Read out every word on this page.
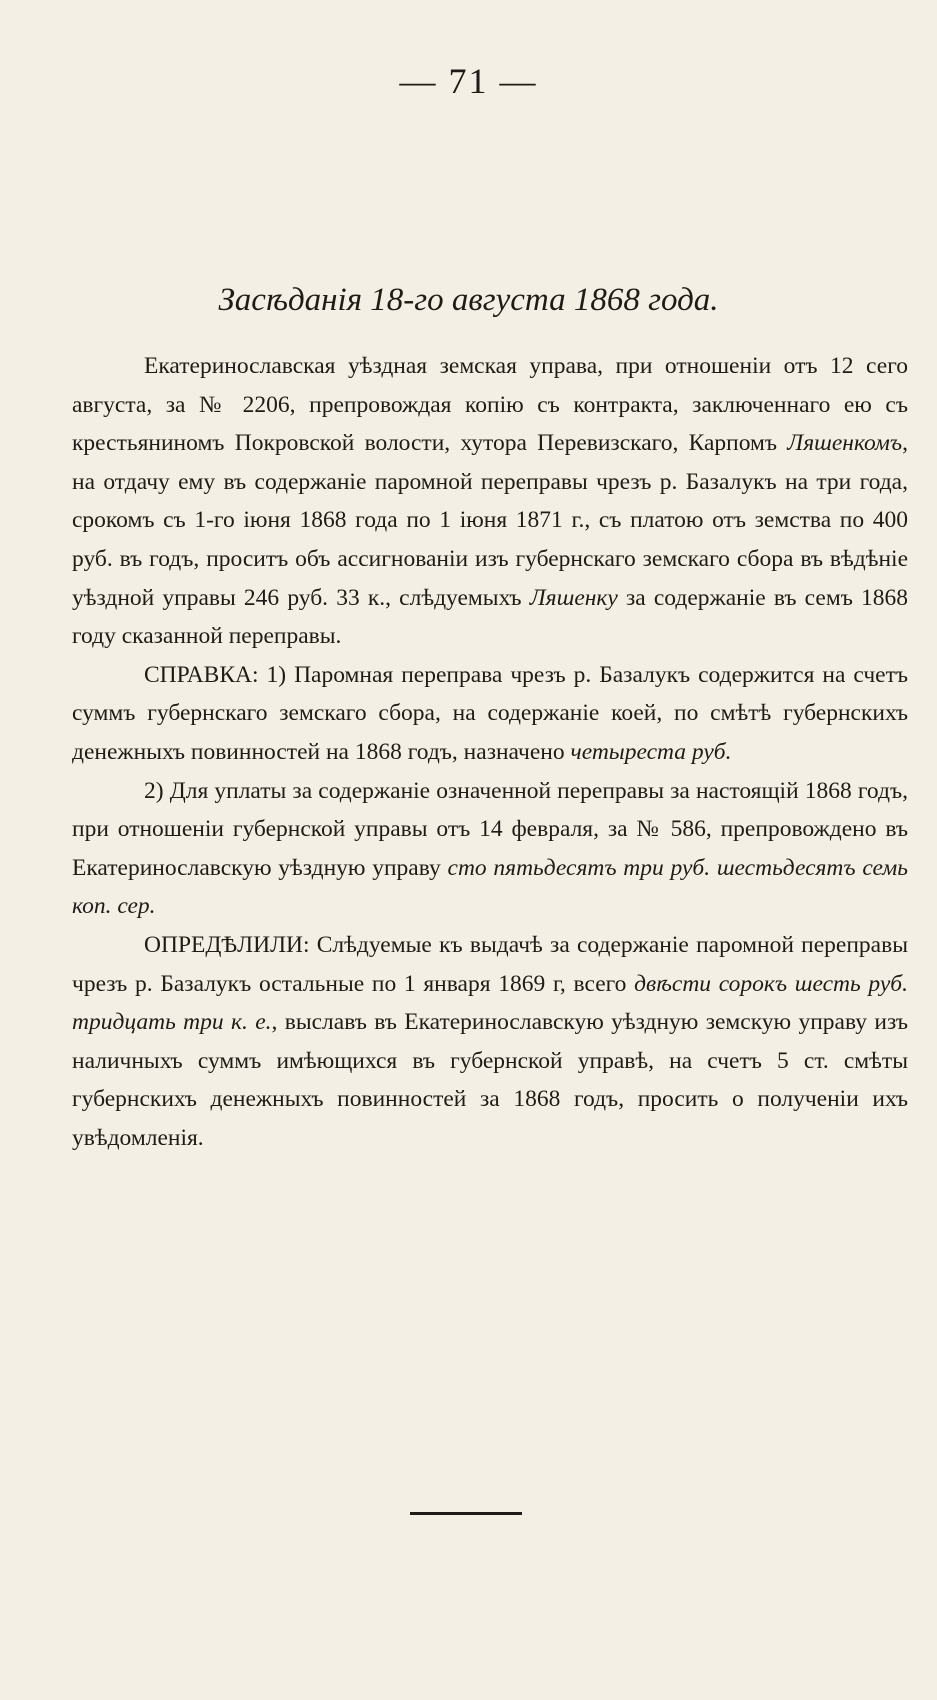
— 71 —
Засѣданія 18-го августа 1868 года.

Екатеринославская уѣздная земская управа, при отношеніи отъ 12 сего августа, за № 2206, препровождая копію съ контракта, заключеннаго ею съ крестьяниномъ Покровской волости, хутора Перевизскаго, Карпомъ Ляшенкомъ, на отдачу ему въ содержаніе паромной переправы чрезъ р. Базалукъ на три года, срокомъ съ 1-го іюня 1868 года по 1 іюня 1871 г., съ платою отъ земства по 400 руб. въ годъ, проситъ объ ассигнованіи изъ губернскаго земскаго сбора въ вѣдѣніе уѣздной управы 246 руб. 33 к., слѣдуемыхъ Ляшенку за содержаніе въ семъ 1868 году сказанной переправы.

СПРАВКА: 1) Паромная переправа чрезъ р. Базалукъ содержится на счетъ суммъ губернскаго земскаго сбора, на содержаніе коей, по смѣтѣ губернскихъ денежныхъ повинностей на 1868 годъ, назначено четыреста руб.

2) Для уплаты за содержаніе означенной переправы за настоящій 1868 годъ, при отношеніи губернской управы отъ 14 февраля, за № 586, препровождено въ Екатеринославскую уѣздную управу сто пятьдесятъ три руб. шестьдесятъ семь коп. сер.

ОПРЕДѢЛИЛИ: Слѣдуемые къ выдачѣ за содержаніе паромной переправы чрезъ р. Базалукъ остальные по 1 января 1869 г, всего двѣсти сорокъ шесть руб. тридцать три к. е., выславъ въ Екатеринославскую уѣздную земскую управу изъ наличныхъ суммъ имѣющихся въ губернской управѣ, на счетъ 5 ст. смѣты губернскихъ денежныхъ повинностей за 1868 годъ, просить о полученіи ихъ увѣдомленія.
